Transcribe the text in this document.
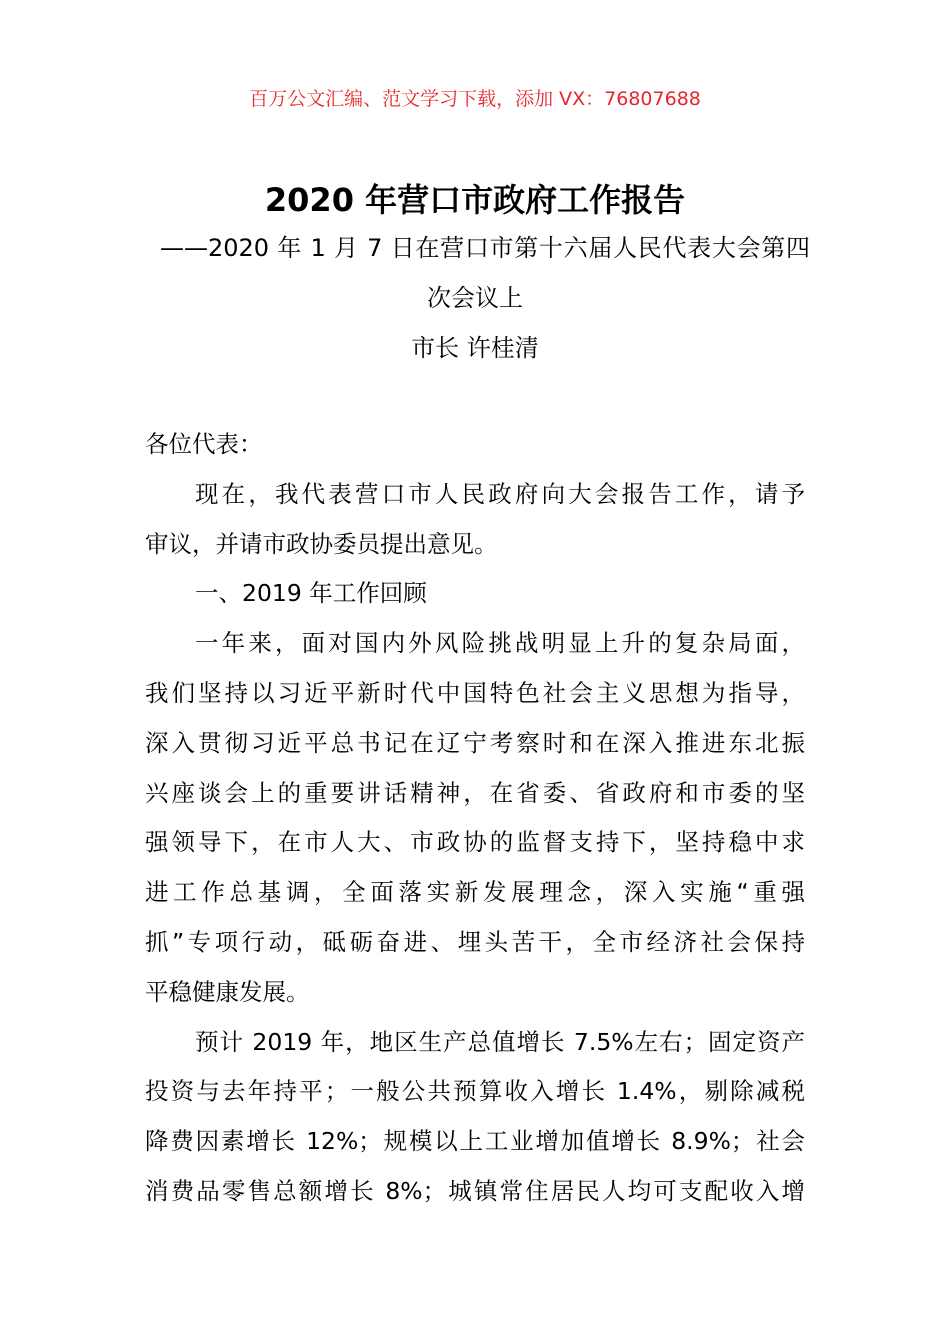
百万公文汇编、范文学习下载，添加 VX：76807688
2020 年营口市政府工作报告
——2020 年 1 月 7 日在营口市第十六届人民代表大会第四
次会议上
市长 许桂清
各位代表：
现在，我代表营口市人民政府向大会报告工作，请予
审议，并请市政协委员提出意见。
一、2019 年工作回顾
一年来，面对国内外风险挑战明显上升的复杂局面，
我们坚持以习近平新时代中国特色社会主义思想为指导，
深入贯彻习近平总书记在辽宁考察时和在深入推进东北振
兴座谈会上的重要讲话精神，在省委、省政府和市委的坚
强领导下，在市人大、市政协的监督支持下，坚持稳中求
进工作总基调，全面落实新发展理念，深入实施“重强
抓”专项行动，砥砺奋进、埋头苦干，全市经济社会保持
平稳健康发展。
预计 2019 年，地区生产总值增长 7.5%左右；固定资产
投资与去年持平；一般公共预算收入增长 1.4%，剔除减税
降费因素增长 12%；规模以上工业增加值增长 8.9%；社会
消费品零售总额增长 8%；城镇常住居民人均可支配收入增
